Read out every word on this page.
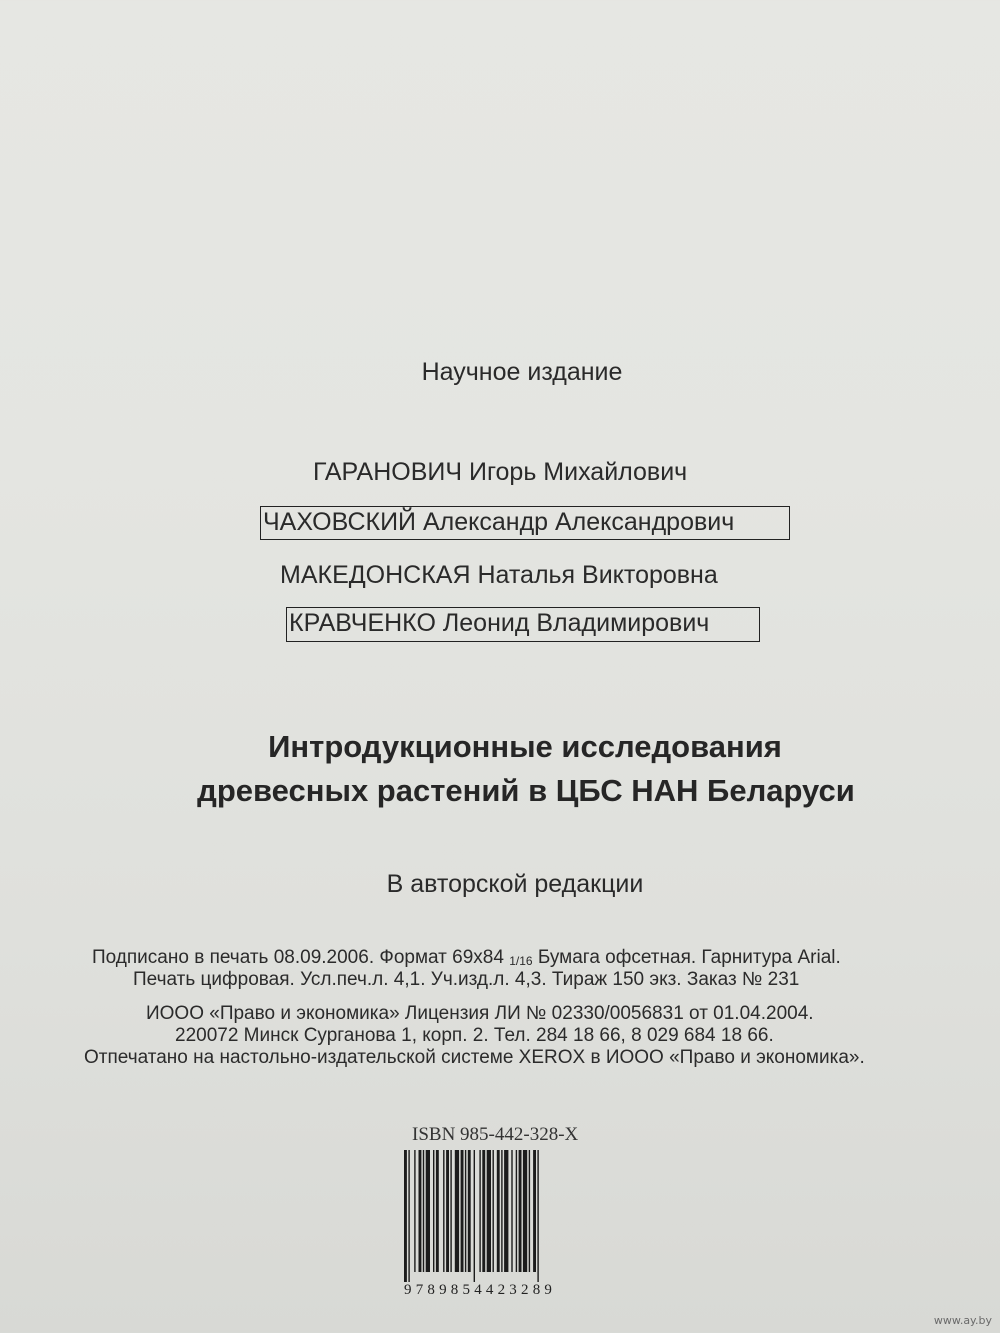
Научное издание
ГАРАНОВИЧ Игорь Михайлович
ЧАХОВСКИЙ Александр Александрович
МАКЕДОНСКАЯ Наталья Викторовна
КРАВЧЕНКО Леонид Владимирович
Интродукционные исследования
древесных растений в ЦБС НАН Беларуси
В авторской редакции
Подписано в печать 08.09.2006. Формат 69x84 1/16 Бумага офсетная. Гарнитура Arial.
Печать цифровая. Усл.печ.л. 4,1. Уч.изд.л. 4,3. Тираж 150 экз. Заказ № 231
ИООО «Право и экономика» Лицензия ЛИ № 02330/0056831 от 01.04.2004.
220072 Минск Сурганова 1, корп. 2. Тел. 284 18 66, 8 029 684 18 66.
Отпечатано на настольно-издательской системе XEROX в ИООО «Право и экономика».
ISBN 985-442-328-X
9789854423289
www.ay.by
